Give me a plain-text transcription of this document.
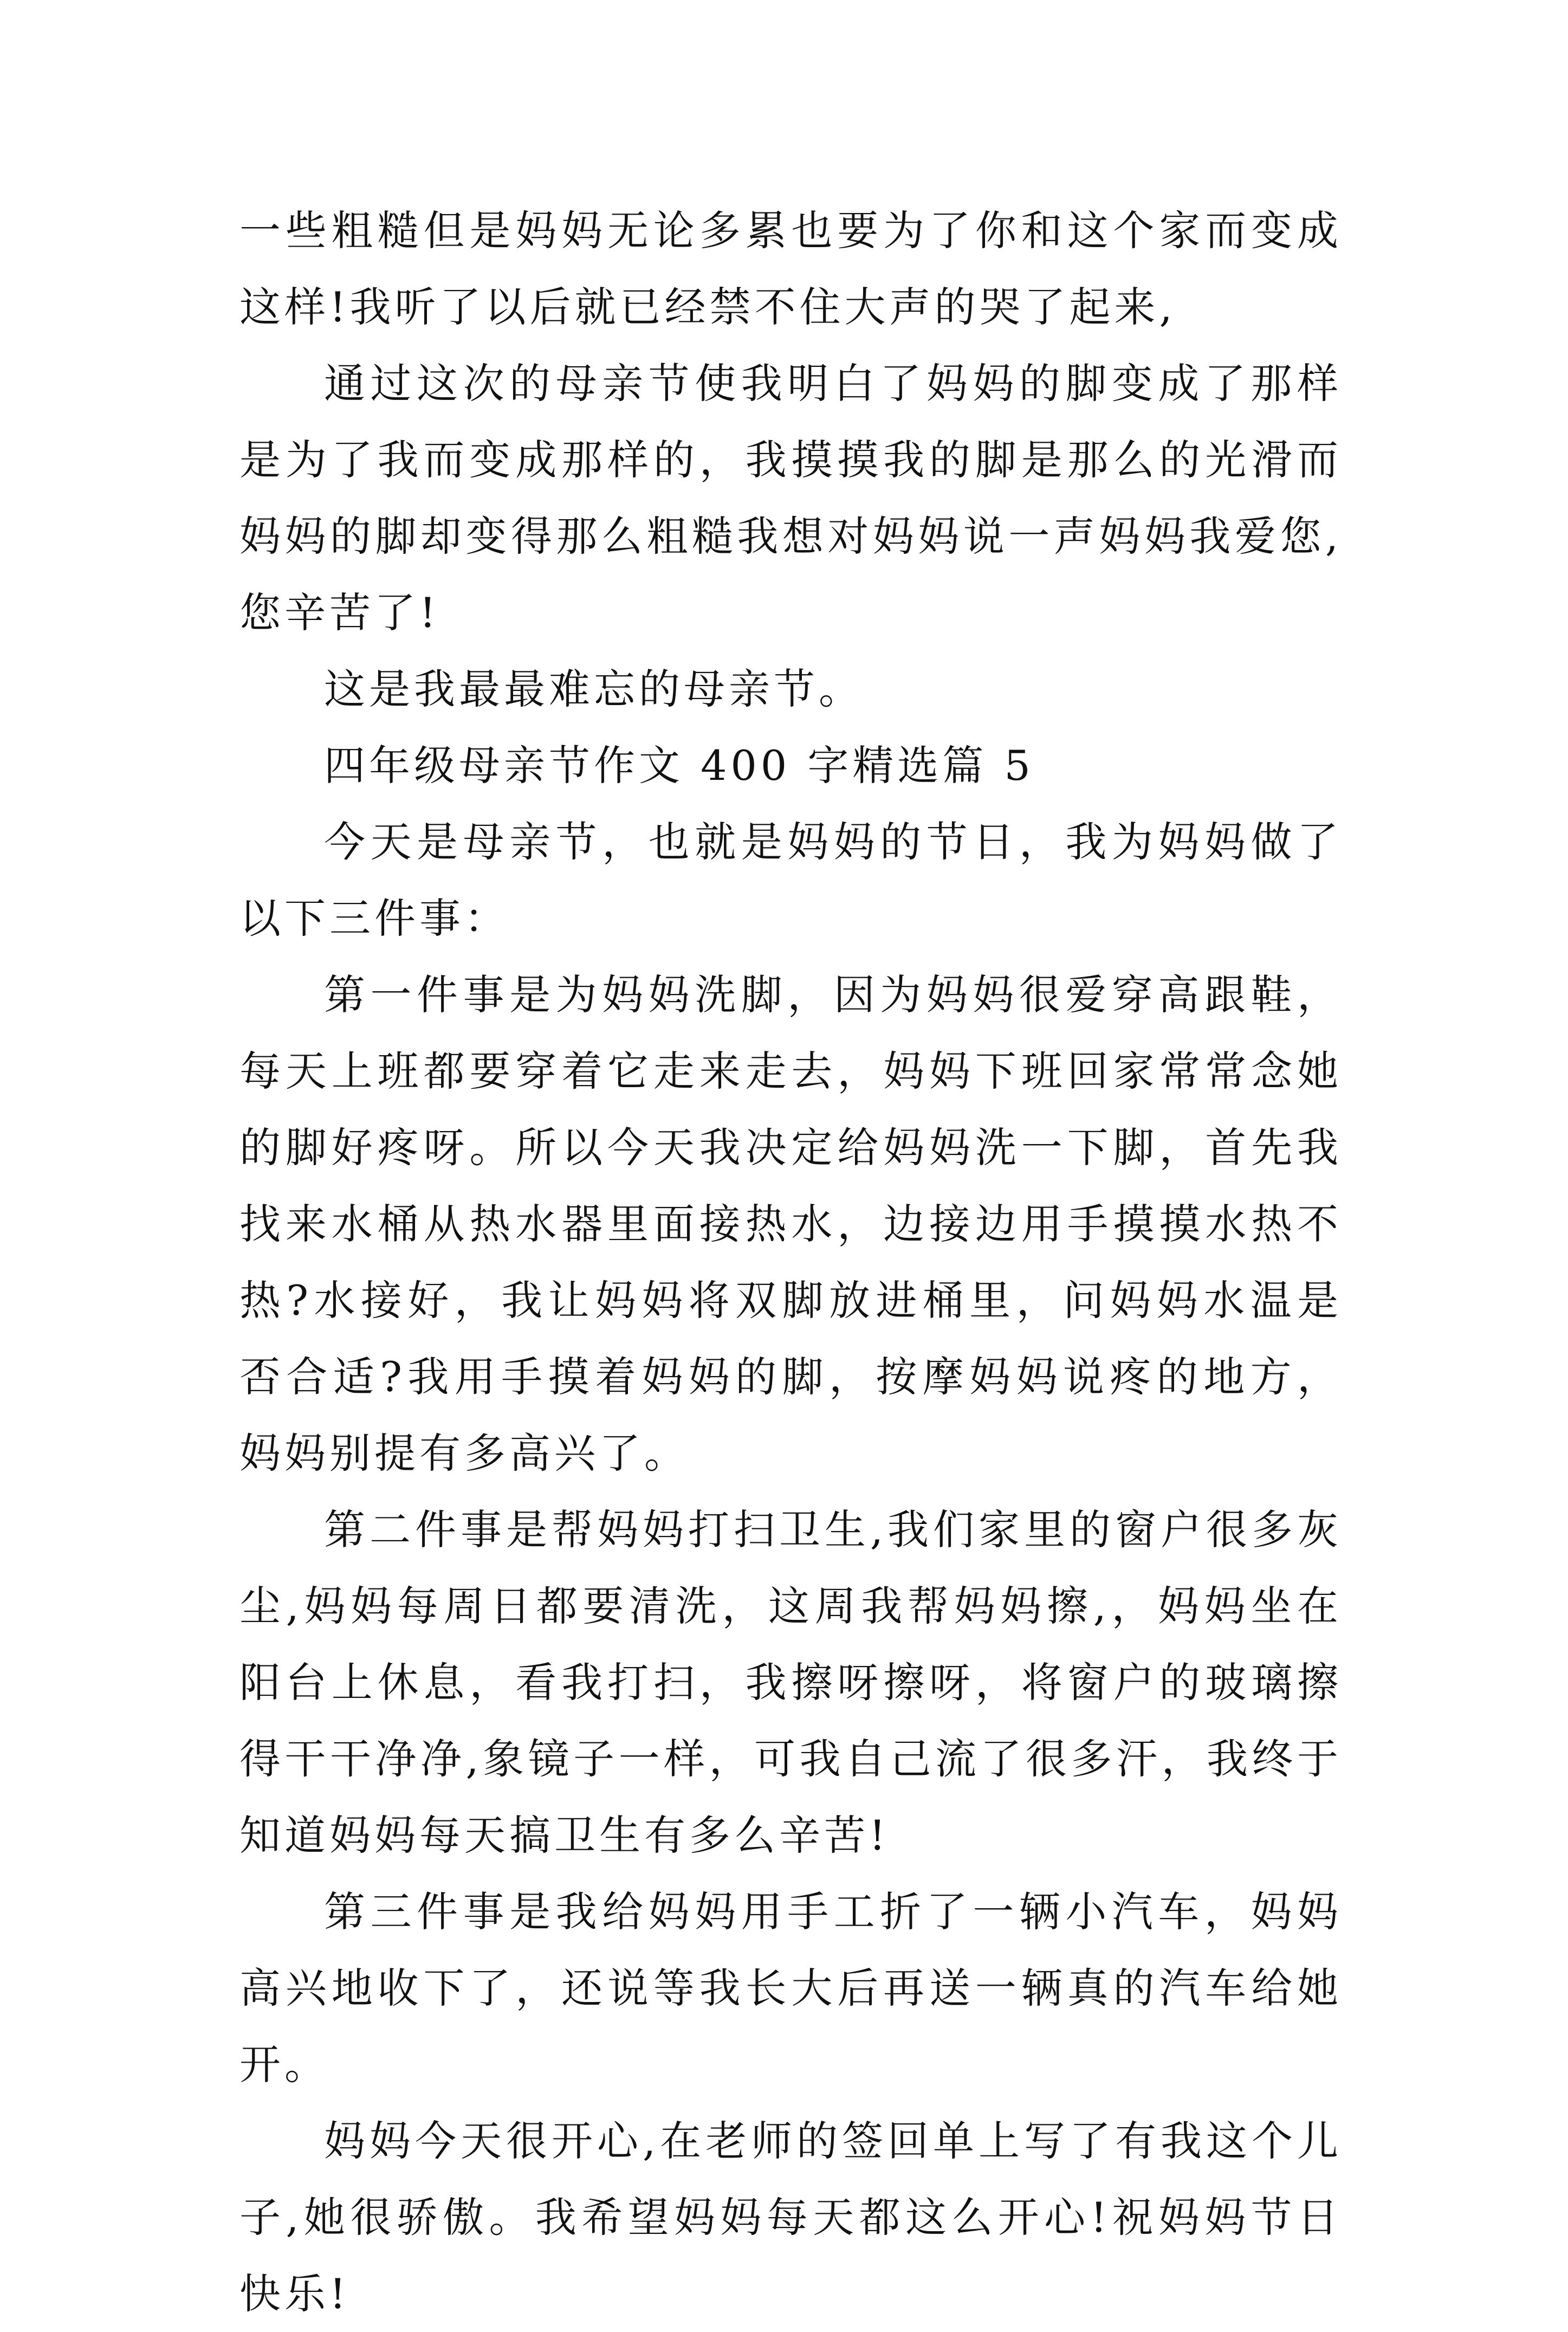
一些粗糙但是妈妈无论多累也要为了你和这个家而变成这样!我听了以后就已经禁不住大声的哭了起来,

通过这次的母亲节使我明白了妈妈的脚变成了那样是为了我而变成那样的，我摸摸我的脚是那么的光滑而妈妈的脚却变得那么粗糙我想对妈妈说一声妈妈我爱您,您辛苦了!

这是我最最难忘的母亲节。

四年级母亲节作文 400 字精选篇 5

今天是母亲节，也就是妈妈的节日，我为妈妈做了以下三件事：

第一件事是为妈妈洗脚，因为妈妈很爱穿高跟鞋，每天上班都要穿着它走来走去，妈妈下班回家常常念她的脚好疼呀。所以今天我决定给妈妈洗一下脚，首先我找来水桶从热水器里面接热水，边接边用手摸摸水热不热?水接好，我让妈妈将双脚放进桶里，问妈妈水温是否合适?我用手摸着妈妈的脚，按摩妈妈说疼的地方，妈妈别提有多高兴了。

第二件事是帮妈妈打扫卫生,我们家里的窗户很多灰尘,妈妈每周日都要清洗，这周我帮妈妈擦,，妈妈坐在阳台上休息，看我打扫，我擦呀擦呀，将窗户的玻璃擦得干干净净,象镜子一样，可我自己流了很多汗，我终于知道妈妈每天搞卫生有多么辛苦!

第三件事是我给妈妈用手工折了一辆小汽车，妈妈高兴地收下了，还说等我长大后再送一辆真的汽车给她开。

妈妈今天很开心,在老师的签回单上写了有我这个儿子,她很骄傲。我希望妈妈每天都这么开心!祝妈妈节日快乐!
